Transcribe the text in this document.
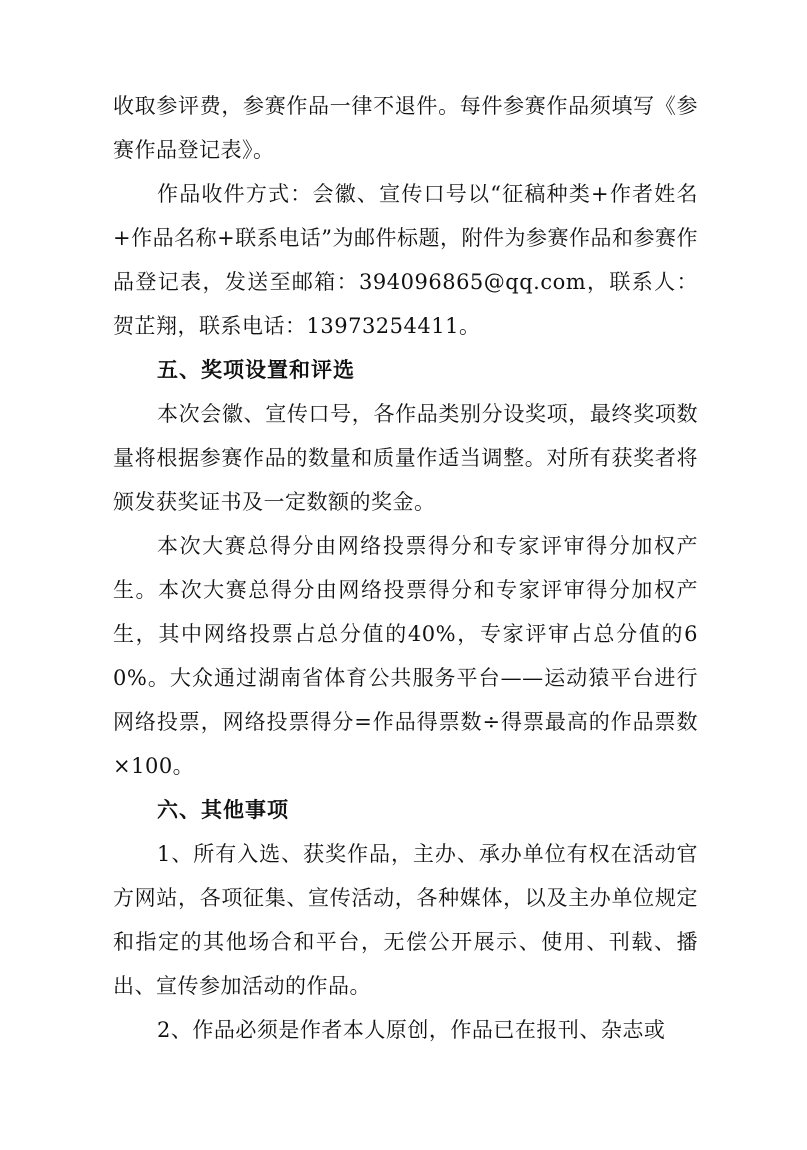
收取参评费，参赛作品一律不退件。每件参赛作品须填写《参赛作品登记表》。

作品收件方式：会徽、宣传口号以“征稿种类+作者姓名+作品名称+联系电话”为邮件标题，附件为参赛作品和参赛作品登记表，发送至邮箱：394096865@qq.com，联系人：贺芷翔，联系电话：13973254411。

五、奖项设置和评选

本次会徽、宣传口号，各作品类别分设奖项，最终奖项数量将根据参赛作品的数量和质量作适当调整。对所有获奖者将颁发获奖证书及一定数额的奖金。

本次大赛总得分由网络投票得分和专家评审得分加权产生。本次大赛总得分由网络投票得分和专家评审得分加权产生，其中网络投票占总分值的40%，专家评审占总分值的60%。大众通过湖南省体育公共服务平台——运动猿平台进行网络投票，网络投票得分=作品得票数÷得票最高的作品票数×100。

六、其他事项

1、所有入选、获奖作品，主办、承办单位有权在活动官方网站，各项征集、宣传活动，各种媒体，以及主办单位规定和指定的其他场合和平台，无偿公开展示、使用、刊载、播出、宣传参加活动的作品。

2、作品必须是作者本人原创，作品已在报刊、杂志或
